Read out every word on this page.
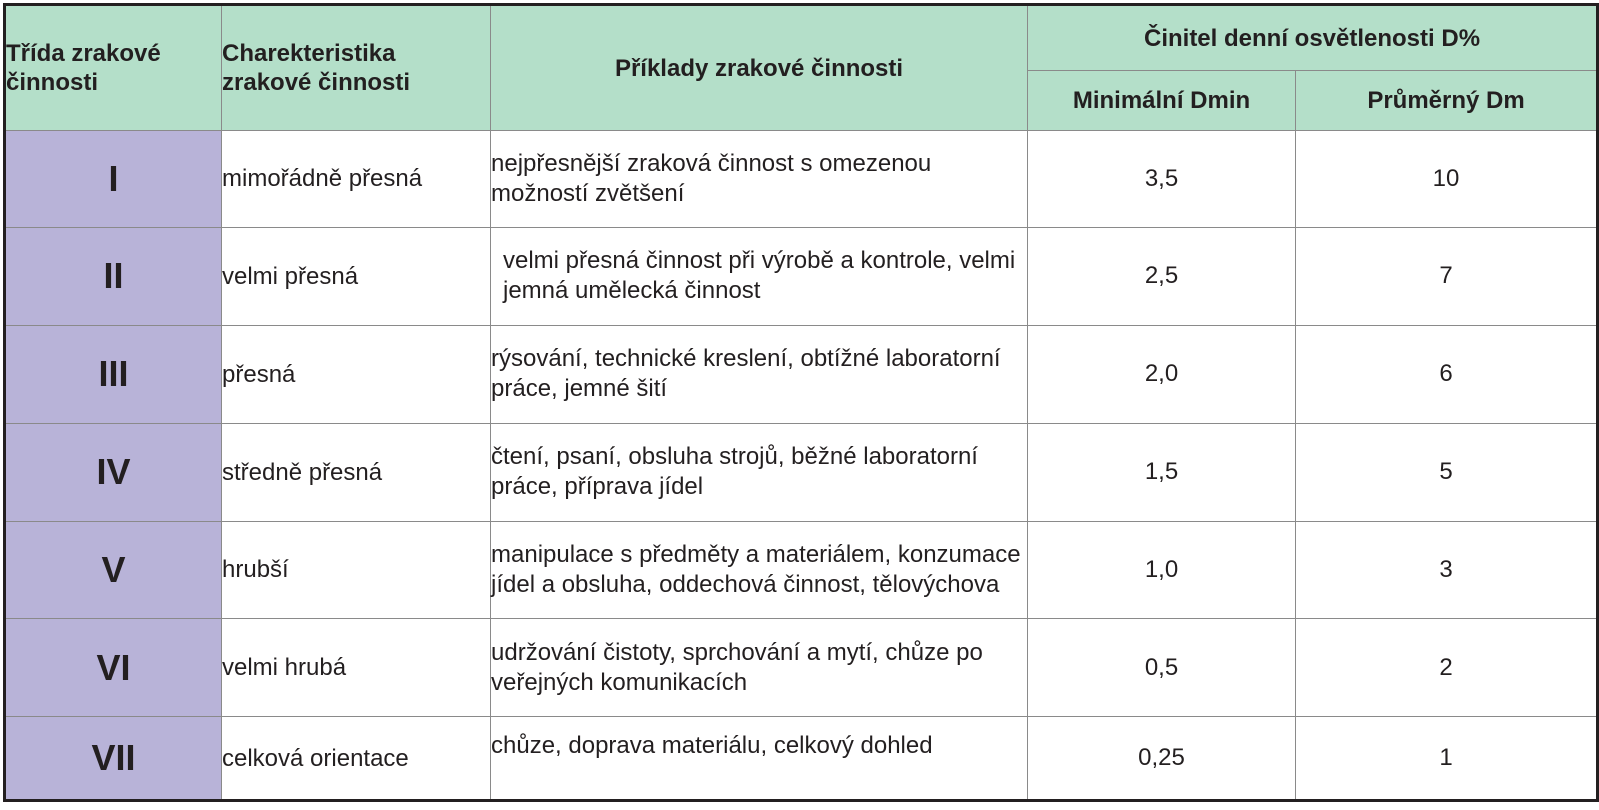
Třída zrakové činnosti	Charekteristika zrakové činnosti	Příklady zrakové činnosti	Činitel denní osvětlenosti D%	
			Minimální Dmin	Průměrný Dm
I	mimořádně přesná	nejpřesnější zraková činnost s omezenou možností zvětšení	3,5	10
II	velmi přesná	velmi přesná činnost při výrobě a kontrole, velmi jemná umělecká činnost	2,5	7
III	přesná	rýsování, technické kreslení, obtížné laboratorní práce, jemné šití	2,0	6
IV	středně přesná	čtení, psaní, obsluha strojů, běžné laboratorní práce, příprava jídel	1,5	5
V	hrubší	manipulace s předměty a materiálem, konzumace jídel a obsluha, oddechová činnost, tělovýchova	1,0	3
VI	velmi hrubá	udržování čistoty, sprchování a mytí, chůze po veřejných komunikacích	0,5	2
VII	celková orientace	chůze, doprava materiálu, celkový dohled	0,25	1
